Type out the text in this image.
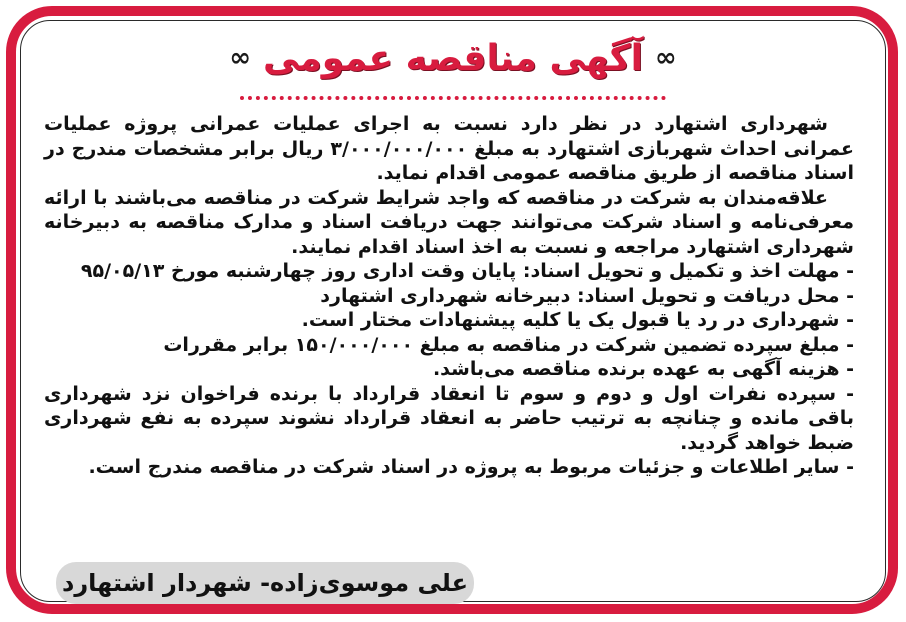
∞ آگهی مناقصه عمومی ∞

شهرداری اشتهارد در نظر دارد نسبت به اجرای عملیات عمرانی پروژه عملیات عمرانی احداث شهربازی اشتهارد به مبلغ ۳/۰۰۰/۰۰۰/۰۰۰ ریال برابر مشخصات مندرج در اسناد مناقصه از طریق مناقصه عمومی اقدام نماید.

علاقه‌مندان به شرکت در مناقصه که واجد شرایط شرکت در مناقصه می‌باشند با ارائه معرفی‌نامه و اسناد شرکت می‌توانند جهت دریافت اسناد و مدارک مناقصه به دبیرخانه شهرداری اشتهارد مراجعه و نسبت به اخذ اسناد اقدام نمایند.

- مهلت اخذ و تکمیل و تحویل اسناد: پایان وقت اداری روز چهارشنبه مورخ ۹۵/۰۵/۱۳

- محل دریافت و تحویل اسناد: دبیرخانه شهرداری اشتهارد

- شهرداری در رد یا قبول یک یا کلیه پیشنهادات مختار است.

- مبلغ سپرده تضمین شرکت در مناقصه به مبلغ ۱۵۰/۰۰۰/۰۰۰ برابر مقررات

- هزینه آگهی به عهده برنده مناقصه می‌باشد.

- سپرده نفرات اول و دوم و سوم تا انعقاد قرارداد با برنده فراخوان نزد شهرداری باقی مانده و چنانچه به ترتیب حاضر به انعقاد قرارداد نشوند سپرده به نفع شهرداری ضبط خواهد گردید.

- سایر اطلاعات و جزئیات مربوط به پروژه در اسناد شرکت در مناقصه مندرج است.

علی موسوی‌زاده- شهردار اشتهارد
